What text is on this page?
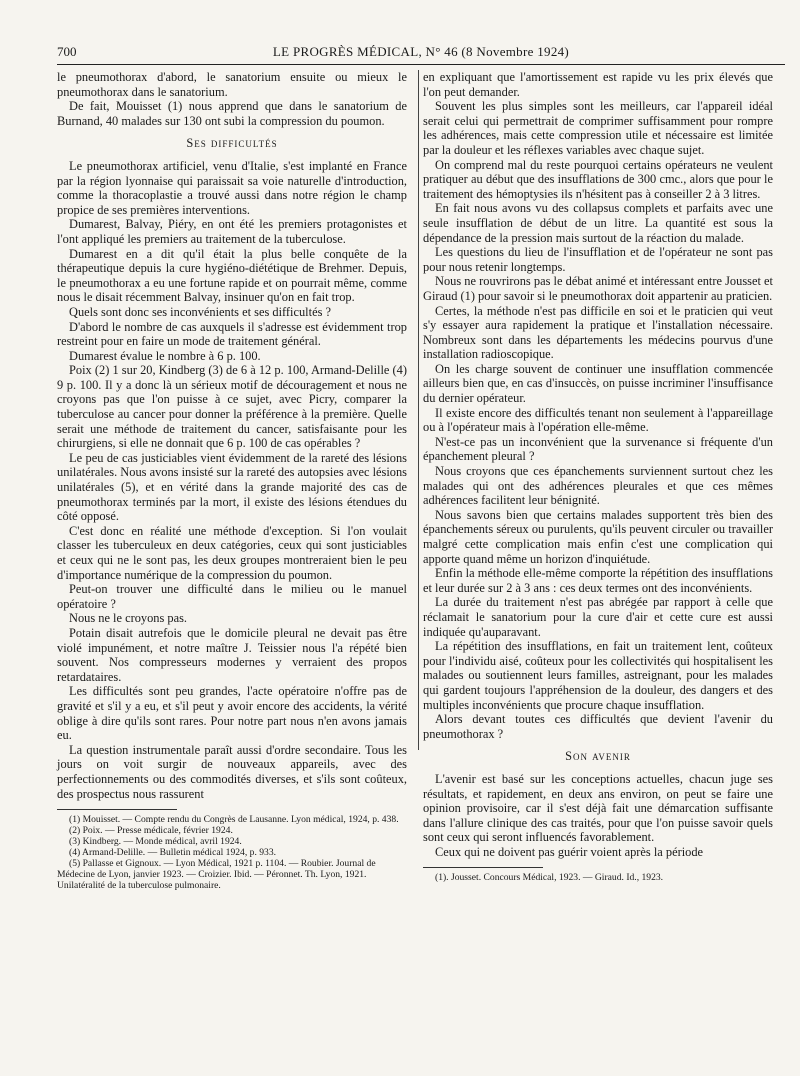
700	LE PROGRÈS MÉDICAL, N° 46 (8 Novembre 1924)

le pneumothorax d'abord, le sanatorium ensuite ou mieux le pneumothorax dans le sanatorium.

De fait, Mouisset (1) nous apprend que dans le sanatorium de Burnand, 40 malades sur 130 ont subi la compression du poumon.

Ses difficultés

Le pneumothorax artificiel, venu d'Italie, s'est implanté en France par la région lyonnaise qui paraissait sa voie naturelle d'introduction, comme la thoracoplastie a trouvé aussi dans notre région le champ propice de ses premières interventions.

Dumarest, Balvay, Piéry, en ont été les premiers protagonistes et l'ont appliqué les premiers au traitement de la tuberculose.

Dumarest en a dit qu'il était la plus belle conquête de la thérapeutique depuis la cure hygiéno-diététique de Brehmer. Depuis, le pneumothorax a eu une fortune rapide et on pourrait même, comme nous le disait récemment Balvay, insinuer qu'on en fait trop.

Quels sont donc ses inconvénients et ses difficultés ?

D'abord le nombre de cas auxquels il s'adresse est évidemment trop restreint pour en faire un mode de traitement général.

Dumarest évalue le nombre à 6 p. 100.

Poix (2) 1 sur 20, Kindberg (3) de 6 à 12 p. 100, Armand-Delille (4) 9 p. 100. Il y a donc là un sérieux motif de découragement et nous ne croyons pas que l'on puisse à ce sujet, avec Picry, comparer la tuberculose au cancer pour donner la préférence à la première. Quelle serait une méthode de traitement du cancer, satisfaisante pour les chirurgiens, si elle ne donnait que 6 p. 100 de cas opérables ?

Le peu de cas justiciables vient évidemment de la rareté des lésions unilatérales. Nous avons insisté sur la rareté des autopsies avec lésions unilatérales (5), et en vérité dans la grande majorité des cas de pneumothorax terminés par la mort, il existe des lésions étendues du côté opposé.

C'est donc en réalité une méthode d'exception. Si l'on voulait classer les tuberculeux en deux catégories, ceux qui sont justiciables et ceux qui ne le sont pas, les deux groupes montreraient bien le peu d'importance numérique de la compression du poumon.

Peut-on trouver une difficulté dans le milieu ou le manuel opératoire ?

Nous ne le croyons pas.

Potain disait autrefois que le domicile pleural ne devait pas être violé impunément, et notre maître J. Teissier nous l'a répété bien souvent. Nos compresseurs modernes y verraient des propos retardataires.

Les difficultés sont peu grandes, l'acte opératoire n'offre pas de gravité et s'il y a eu, et s'il peut y avoir encore des accidents, la vérité oblige à dire qu'ils sont rares. Pour notre part nous n'en avons jamais eu.

La question instrumentale paraît aussi d'ordre secondaire. Tous les jours on voit surgir de nouveaux appareils, avec des perfectionnements ou des commodités diverses, et s'ils sont coûteux, des prospectus nous rassurent

(1) Mouisset. — Compte rendu du Congrès de Lausanne. Lyon médical, 1924, p. 438.

(2) Poix. — Presse médicale, février 1924.

(3) Kindberg. — Monde médical, avril 1924.

(4) Armand-Delille. — Bulletin médical 1924, p. 933.

(5) Pallasse et Gignoux. — Lyon Médical, 1921 p. 1104. — Roubier. Journal de Médecine de Lyon, janvier 1923. — Croizier. Ibid. — Péronnet. Th. Lyon, 1921. Unilatéralité de la tuberculose pulmonaire.

en expliquant que l'amortissement est rapide vu les prix élevés que l'on peut demander.

Souvent les plus simples sont les meilleurs, car l'appareil idéal serait celui qui permettrait de comprimer suffisamment pour rompre les adhérences, mais cette compression utile et nécessaire est limitée par la douleur et les réflexes variables avec chaque sujet.

On comprend mal du reste pourquoi certains opérateurs ne veulent pratiquer au début que des insufflations de 300 cmc., alors que pour le traitement des hémoptysies ils n'hésitent pas à conseiller 2 à 3 litres.

En fait nous avons vu des collapsus complets et parfaits avec une seule insufflation de début de un litre. La quantité est sous la dépendance de la pression mais surtout de la réaction du malade.

Les questions du lieu de l'insufflation et de l'opérateur ne sont pas pour nous retenir longtemps.

Nous ne rouvrirons pas le débat animé et intéressant entre Jousset et Giraud (1) pour savoir si le pneumothorax doit appartenir au praticien.

Certes, la méthode n'est pas difficile en soi et le praticien qui veut s'y essayer aura rapidement la pratique et l'installation nécessaire. Nombreux sont dans les départements les médecins pourvus d'une installation radioscopique.

On les charge souvent de continuer une insufflation commencée ailleurs bien que, en cas d'insuccès, on puisse incriminer l'insuffisance du dernier opérateur.

Il existe encore des difficultés tenant non seulement à l'appareillage ou à l'opérateur mais à l'opération elle-même.

N'est-ce pas un inconvénient que la survenance si fréquente d'un épanchement pleural ?

Nous croyons que ces épanchements surviennent surtout chez les malades qui ont des adhérences pleurales et que ces mêmes adhérences facilitent leur bénignité.

Nous savons bien que certains malades supportent très bien des épanchements séreux ou purulents, qu'ils peuvent circuler ou travailler malgré cette complication mais enfin c'est une complication qui apporte quand même un horizon d'inquiétude.

Enfin la méthode elle-même comporte la répétition des insufflations et leur durée sur 2 à 3 ans : ces deux termes ont des inconvénients.

La durée du traitement n'est pas abrégée par rapport à celle que réclamait le sanatorium pour la cure d'air et cette cure est aussi indiquée qu'auparavant.

La répétition des insufflations, en fait un traitement lent, coûteux pour l'individu aisé, coûteux pour les collectivités qui hospitalisent les malades ou soutiennent leurs familles, astreignant, pour les malades qui gardent toujours l'appréhension de la douleur, des dangers et des multiples inconvénients que procure chaque insufflation.

Alors devant toutes ces difficultés que devient l'avenir du pneumothorax ?

Son avenir

L'avenir est basé sur les conceptions actuelles, chacun juge ses résultats, et rapidement, en deux ans environ, on peut se faire une opinion provisoire, car il s'est déjà fait une démarcation suffisante dans l'allure clinique des cas traités, pour que l'on puisse savoir quels sont ceux qui seront influencés favorablement.

Ceux qui ne doivent pas guérir voient après la période

(1). Jousset. Concours Médical, 1923. — Giraud. Id., 1923.
